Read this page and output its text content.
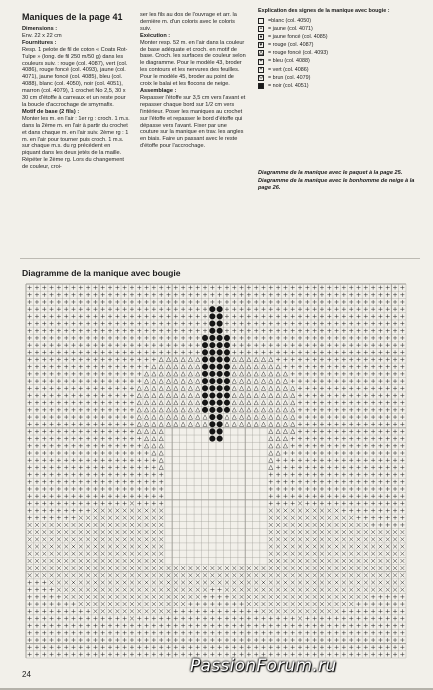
Maniques de la page 41

Dimensions :

Env. 22 x 22 cm

Fournitures :

Resp. 1 pelote de fil de coton « Coats Rot-Tulpe » (long. de fil 250 m/50 g) dans les couleurs suiv. : rouge (col. 4087), vert (col. 4086), rouge foncé (col. 4093), jaune (col. 4071), jaune foncé (col. 4085), bleu (col. 4088), blanc (col. 4050), noir (col. 4051), marron (col. 4079), 1 crochet No 2,5, 30 x 30 cm d'étoffe à carreaux et un reste pour la boucle d'accrochage de smyrnafix.

Motif de base (2 fils) :

Monter les m. en l'air : 1er rg : croch. 1 m.s. dans la 2ème m. en l'air à partir du crochet et dans chaque m. en l'air suiv. 2ème rg : 1 m. en l'air pour tourner puis croch. 1 m.s. sur chaque m.s. du rg précédent en piquant dans les deux jetés de la maille. Répéter le 2ème rg. Lors du changement de couleur, croi-

ser les fils au dos de l'ouvrage et arr. la dernière m. d'un coloris avec le coloris suiv.

Exécution :

Monter resp. 52 m. en l'air dans la couleur de base adéquate et croch. en motif de base. Croch. les surfaces de couleur selon le diagramme. Pour le modèle 43, broder les contours et les nervures des feuilles. Pour le modèle 45, broder au point de croix le balai et les flocons de neige.

Assemblage :

Repasser l'étoffe sur 3,5 cm vers l'avant et repasser chaque bord sur 1/2 cm vers l'intérieur. Poser les maniques au crochet sur l'étoffe et repasser le bord d'étoffe qui dépasse vers l'avant. Fixer par une couture sur la manique en trav. les angles en biais. Faire un passant avec le reste d'étoffe pour l'accrochage.

Explication des signes de la manique avec bougie :
=blanc (col. 4050)
•	= jaune (col. 4071)
● = jaune foncé (col. 4085)
♥ = rouge (col. 4087)
△ = rouge foncé (col. 4093)
+ = bleu (col. 4088)
× = vert (col. 4086)
◇ = brun (col. 4079)
= noir (col. 4051)

Diagramme de la manique avec le paquet à la page 25.

Diagramme de la manique avec le bonhomme de neige à la page 26.

Diagramme de la manique avec bougie
24	PassionForum.ru
